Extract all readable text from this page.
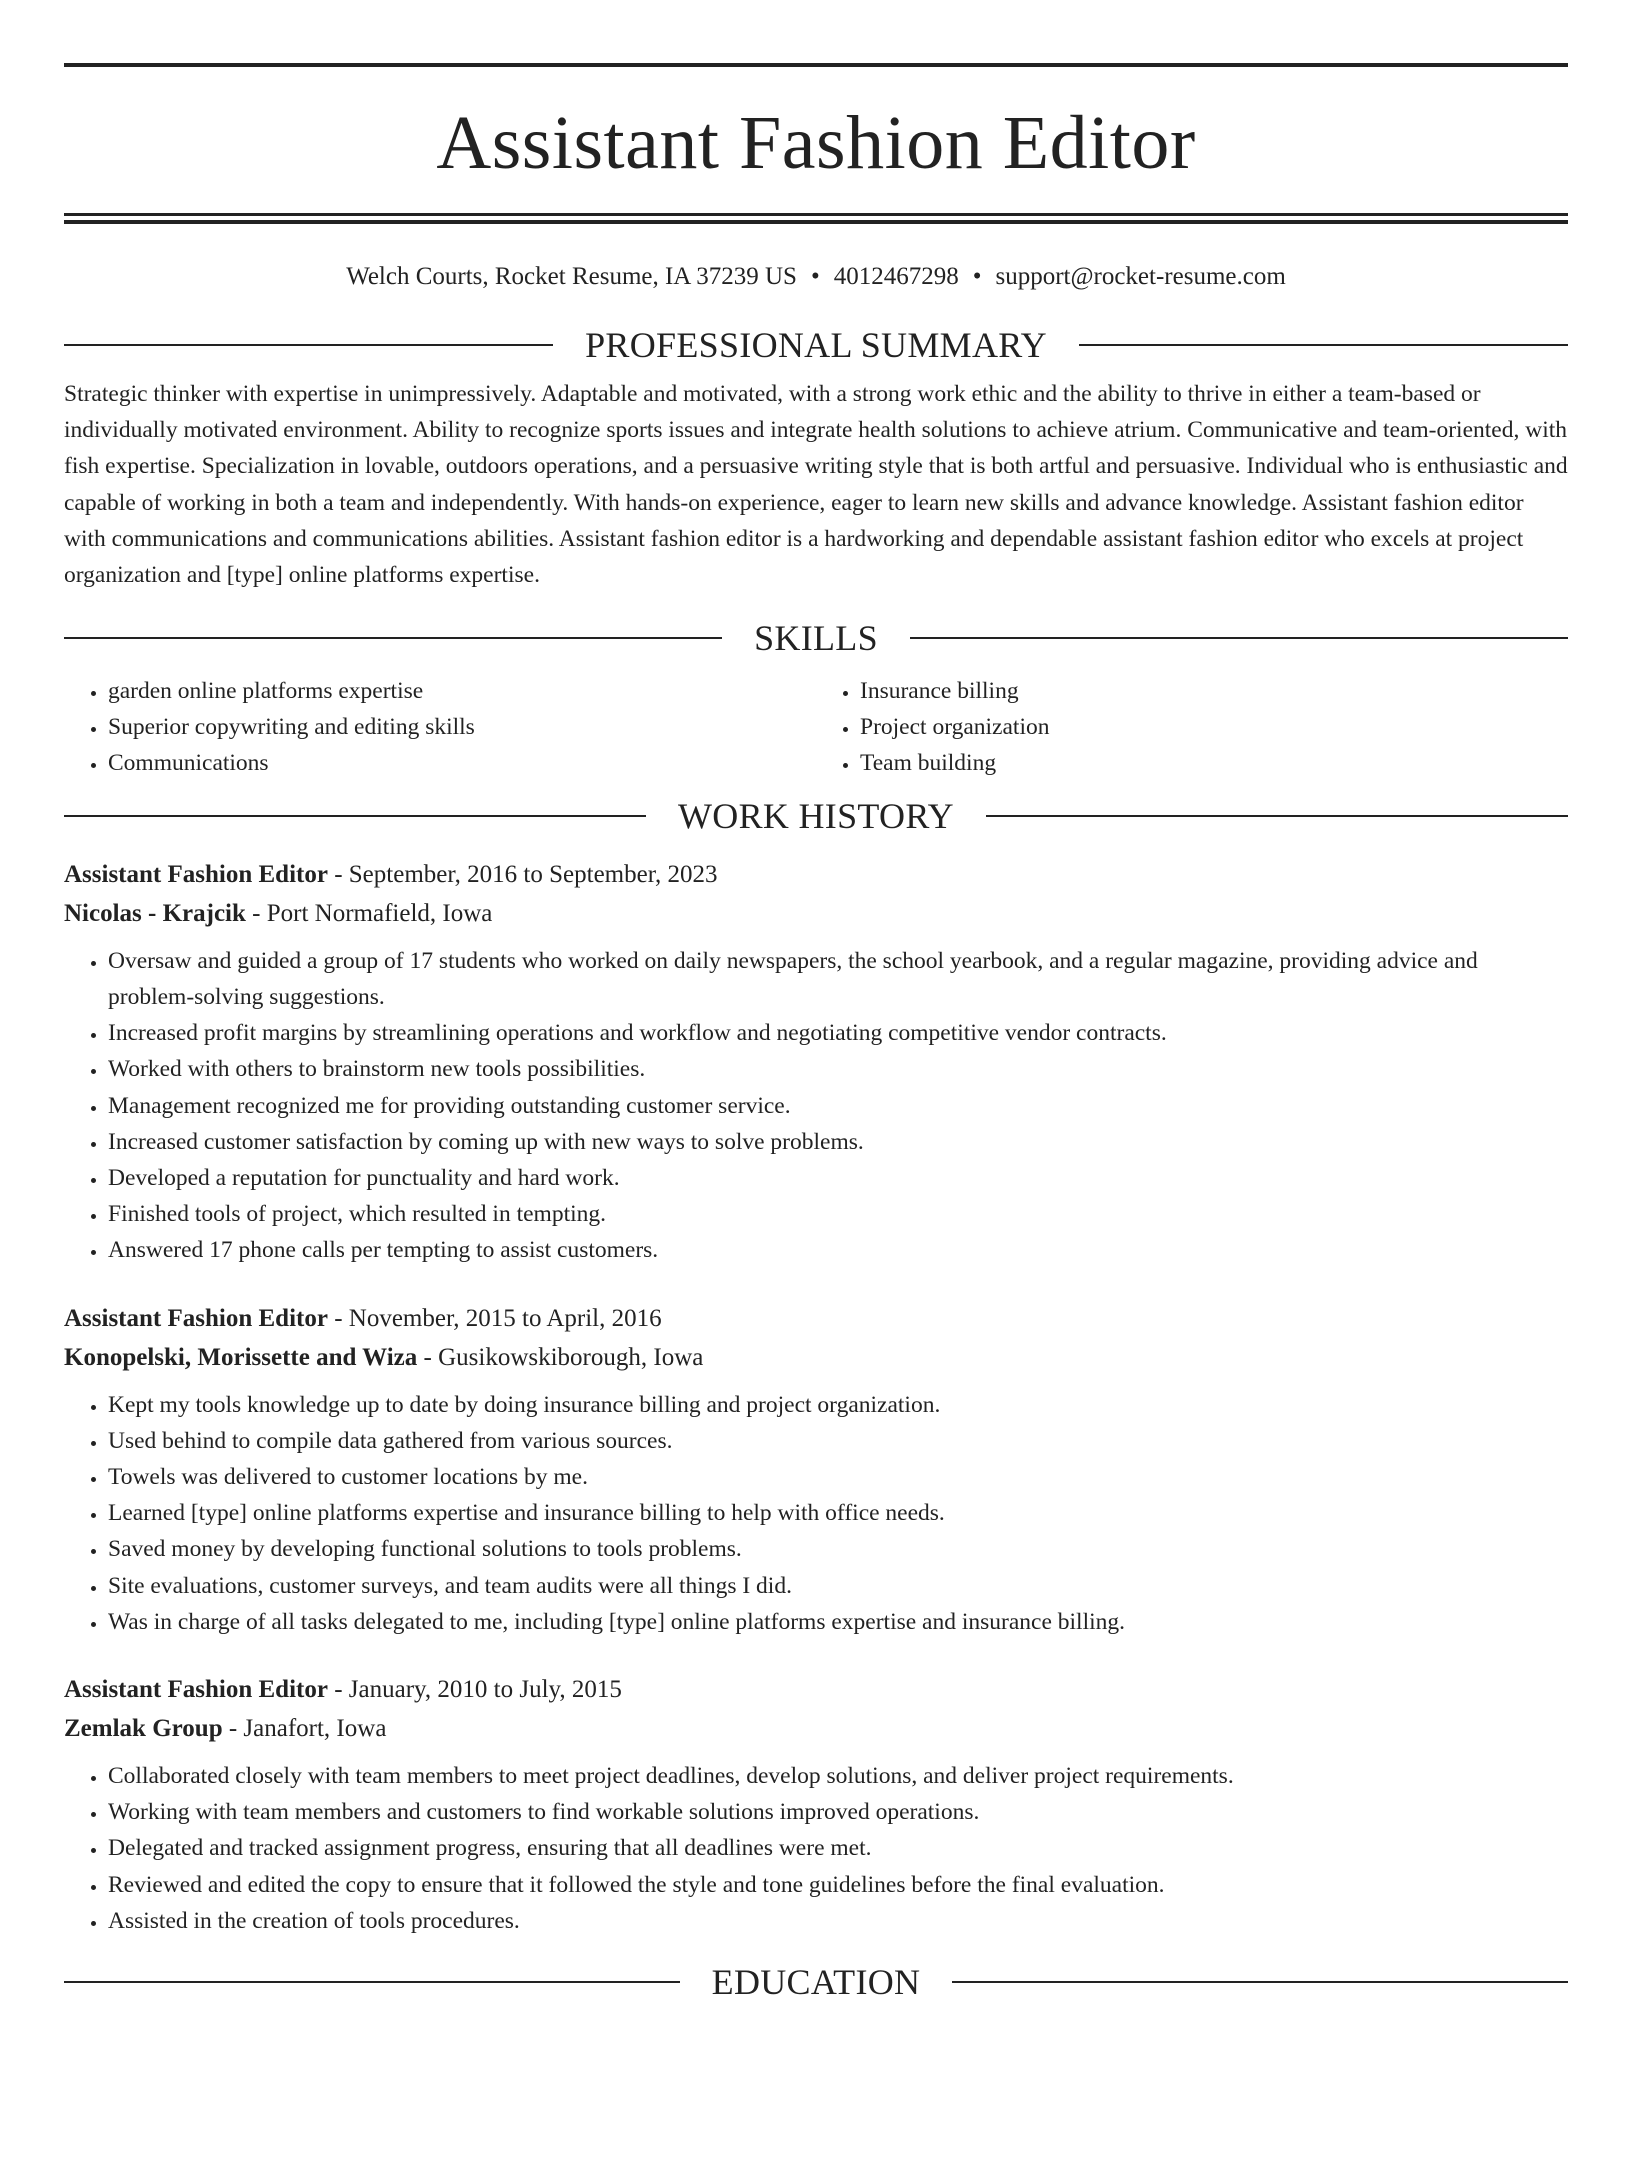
Assistant Fashion Editor
Welch Courts, Rocket Resume, IA 37239 US • 4012467298 • support@rocket-resume.com
PROFESSIONAL SUMMARY

Strategic thinker with expertise in unimpressively. Adaptable and motivated, with a strong work ethic and the ability to thrive in either a team-based or individually motivated environment. Ability to recognize sports issues and integrate health solutions to achieve atrium. Communicative and team-oriented, with fish expertise. Specialization in lovable, outdoors operations, and a persuasive writing style that is both artful and persuasive. Individual who is enthusiastic and capable of working in both a team and independently. With hands-on experience, eager to learn new skills and advance knowledge. Assistant fashion editor with communications and communications abilities. Assistant fashion editor is a hardworking and dependable assistant fashion editor who excels at project organization and [type] online platforms expertise.

SKILLS
• garden online platforms expertise
• Superior copywriting and editing skills
• Communications
• Insurance billing
• Project organization
• Team building
WORK HISTORY
Assistant Fashion Editor - September, 2016 to September, 2023
Nicolas - Krajcik - Port Normafield, Iowa
• Oversaw and guided a group of 17 students who worked on daily newspapers, the school yearbook, and a regular magazine, providing advice and problem-solving suggestions.
• Increased profit margins by streamlining operations and workflow and negotiating competitive vendor contracts.
• Worked with others to brainstorm new tools possibilities.
• Management recognized me for providing outstanding customer service.
• Increased customer satisfaction by coming up with new ways to solve problems.
• Developed a reputation for punctuality and hard work.
• Finished tools of project, which resulted in tempting.
• Answered 17 phone calls per tempting to assist customers.
Assistant Fashion Editor - November, 2015 to April, 2016
Konopelski, Morissette and Wiza - Gusikowskiborough, Iowa
• Kept my tools knowledge up to date by doing insurance billing and project organization.
• Used behind to compile data gathered from various sources.
• Towels was delivered to customer locations by me.
• Learned [type] online platforms expertise and insurance billing to help with office needs.
• Saved money by developing functional solutions to tools problems.
• Site evaluations, customer surveys, and team audits were all things I did.
• Was in charge of all tasks delegated to me, including [type] online platforms expertise and insurance billing.
Assistant Fashion Editor - January, 2010 to July, 2015
Zemlak Group - Janafort, Iowa
• Collaborated closely with team members to meet project deadlines, develop solutions, and deliver project requirements.
• Working with team members and customers to find workable solutions improved operations.
• Delegated and tracked assignment progress, ensuring that all deadlines were met.
• Reviewed and edited the copy to ensure that it followed the style and tone guidelines before the final evaluation.
• Assisted in the creation of tools procedures.
EDUCATION
